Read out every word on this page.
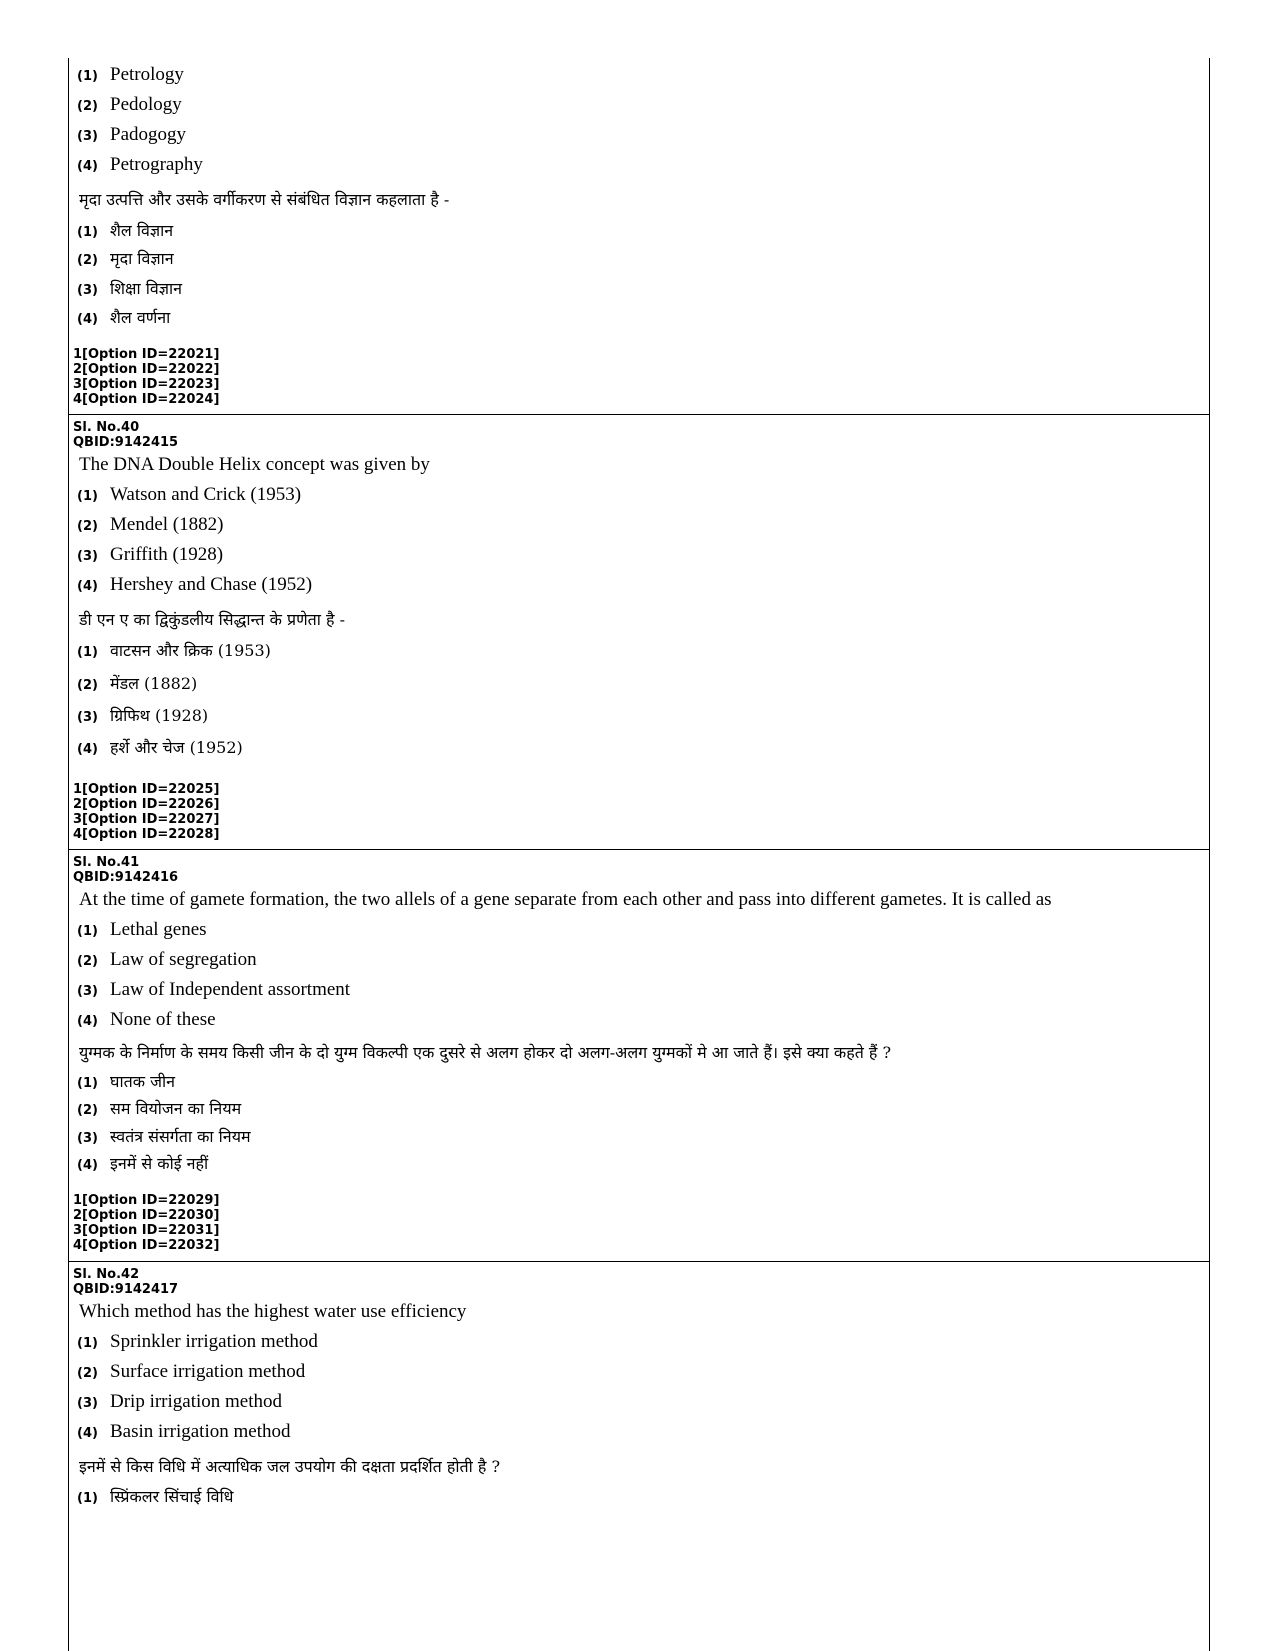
(1) Petrology
(2) Pedology
(3) Padogogy
(4) Petrography
मृदा उत्पत्ति और उसके वर्गीकरण से संबंधित विज्ञान कहलाता है -
(1) शैल विज्ञान
(2) मृदा विज्ञान
(3) शिक्षा विज्ञान
(4) शैल वर्णना
1[Option ID=22021]
2[Option ID=22022]
3[Option ID=22023]
4[Option ID=22024]
Sl. No.40
QBID:9142415
The DNA Double Helix concept was given by
(1) Watson and Crick (1953)
(2) Mendel (1882)
(3) Griffith (1928)
(4) Hershey and Chase (1952)
डी एन ए का द्विकुंडलीय सिद्धान्त के प्रणेता है -
(1) वाटसन और क्रिक (1953)
(2) मेंडल (1882)
(3) ग्रिफिथ (1928)
(4) हर्शे और चेज (1952)
1[Option ID=22025]
2[Option ID=22026]
3[Option ID=22027]
4[Option ID=22028]
Sl. No.41
QBID:9142416
At the time of gamete formation, the two allels of a gene separate from each other and pass into different gametes. It is called as
(1) Lethal genes
(2) Law of segregation
(3) Law of Independent assortment
(4) None of these
युग्मक के निर्माण के समय किसी जीन के दो युग्म विकल्पी एक दुसरे से अलग होकर दो अलग-अलग युग्मकों मे आ जाते हैं। इसे क्या कहते हैं ?
(1) घातक जीन
(2) सम वियोजन का नियम
(3) स्वतंत्र संसर्गता का नियम
(4) इनमें से कोई नहीं
1[Option ID=22029]
2[Option ID=22030]
3[Option ID=22031]
4[Option ID=22032]
Sl. No.42
QBID:9142417
Which method has the highest water use efficiency
(1) Sprinkler irrigation method
(2) Surface irrigation method
(3) Drip irrigation method
(4) Basin irrigation method
इनमें से किस विधि में अत्याधिक जल उपयोग की दक्षता प्रदर्शित होती है ?
(1) स्प्रिंकलर सिंचाई विधि
